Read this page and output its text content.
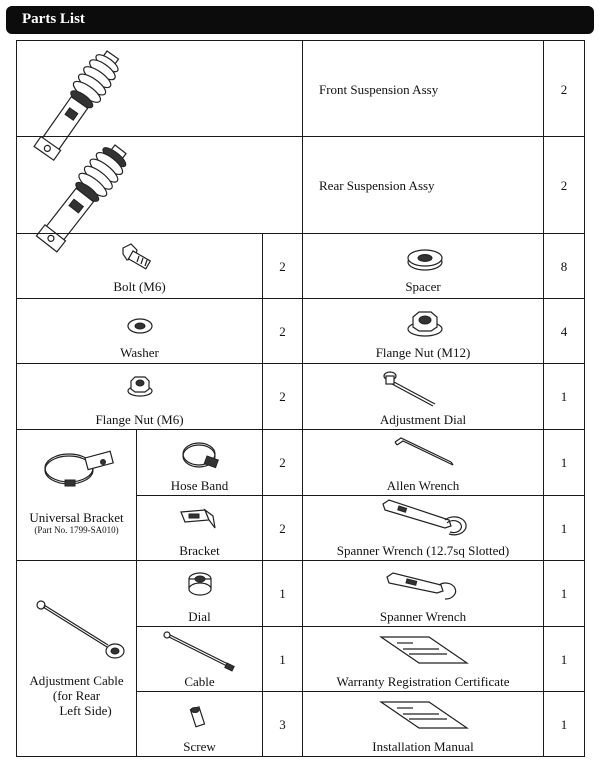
Parts List
Front Suspension Assy	2
Rear Suspension Assy	2
Bolt (M6)
2
Spacer
8
Washer
2
Flange Nut (M12)
4
Flange Nut (M6)
2
Adjustment Dial
1
Universal Bracket
(Part No. 1799-SA010)
Hose Band
2
Allen Wrench
1
Bracket
2
Spanner Wrench (12.7sq Slotted)
1
Adjustment Cable
(for Rear
Left Side)
Dial
1
Spanner Wrench
1
Cable
1
Warranty Registration Certificate
1
Screw
3
Installation Manual
1
